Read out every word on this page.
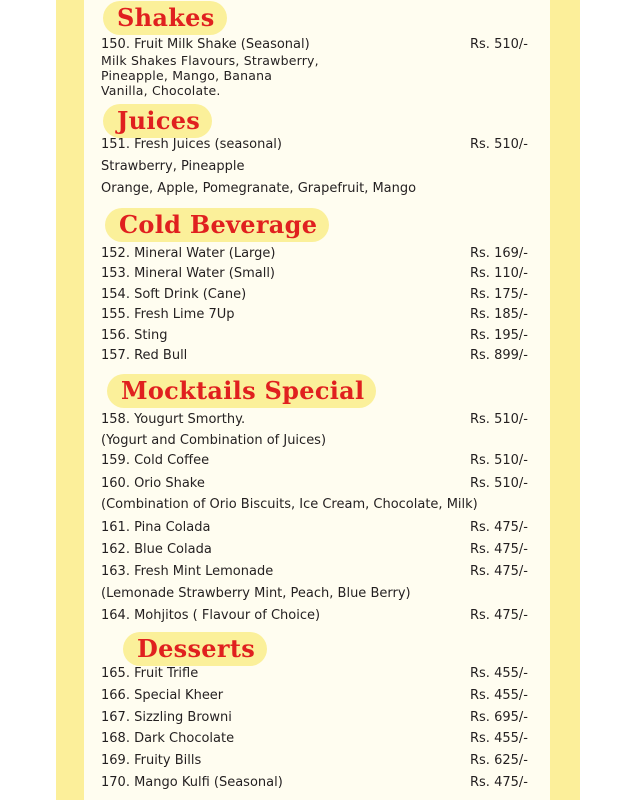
Shakes
150. Fruit Milk Shake (Seasonal)	Rs. 510/-
Milk Shakes Flavours, Strawberry,
Pineapple, Mango, Banana
Vanilla, Chocolate.
Juices
151. Fresh Juices (seasonal)	Rs. 510/-
Strawberry, Pineapple
Orange, Apple, Pomegranate, Grapefruit, Mango
Cold Beverage
152. Mineral Water (Large)	Rs. 169/-
153. Mineral Water (Small)	Rs. 110/-
154. Soft Drink (Cane)	Rs. 175/-
155. Fresh Lime 7Up	Rs. 185/-
156. Sting	Rs. 195/-
157. Red Bull	Rs. 899/-
Mocktails Special
158. Yougurt Smorthy.	Rs. 510/-
(Yogurt and Combination of Juices)
159. Cold Coffee	Rs. 510/-
160. Orio Shake	Rs. 510/-
(Combination of Orio Biscuits, Ice Cream, Chocolate, Milk)
161. Pina Colada	Rs. 475/-
162. Blue Colada	Rs. 475/-
163. Fresh Mint Lemonade	Rs. 475/-
(Lemonade Strawberry Mint, Peach, Blue Berry)
164. Mohjitos ( Flavour of Choice)	Rs. 475/-
Desserts
165. Fruit Trifle	Rs. 455/-
166. Special Kheer	Rs. 455/-
167. Sizzling Browni	Rs. 695/-
168. Dark Chocolate	Rs. 455/-
169. Fruity Bills	Rs. 625/-
170. Mango Kulfi (Seasonal)	Rs. 475/-
